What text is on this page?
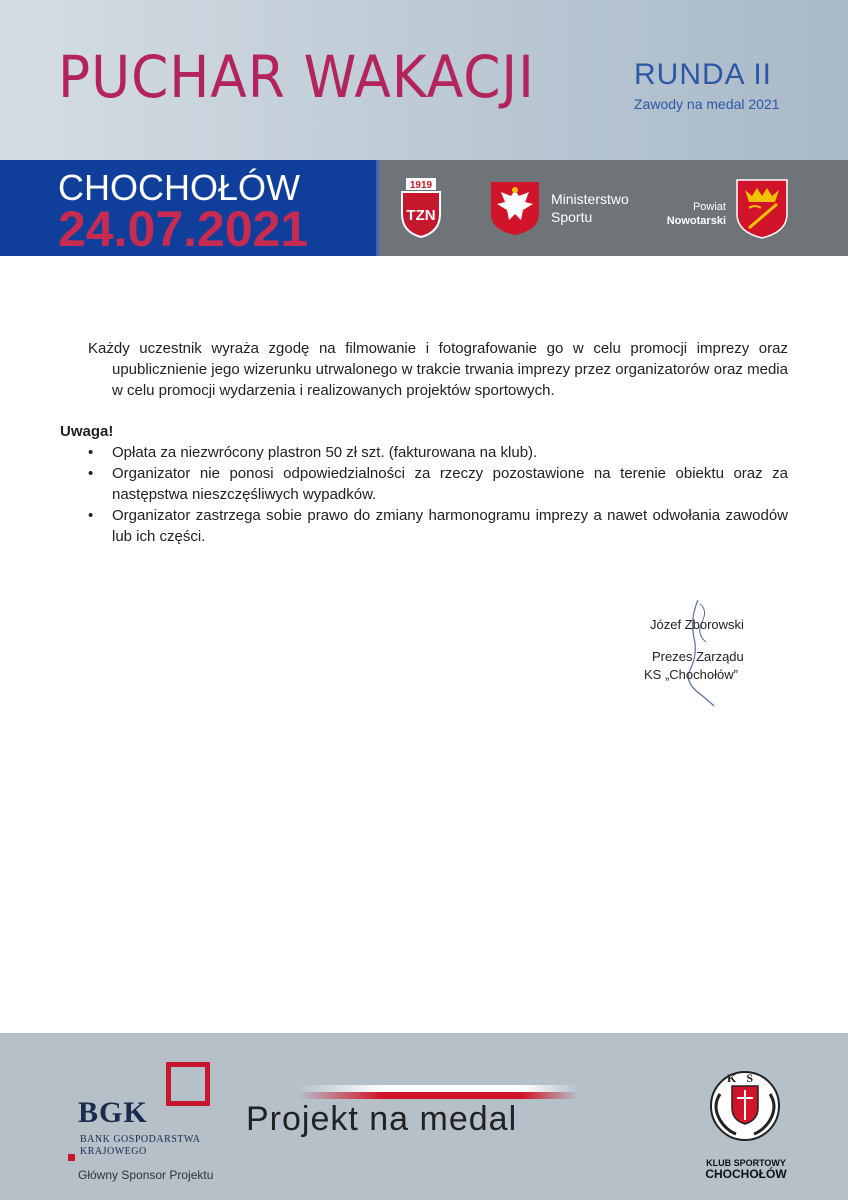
PUCHAR WAKACJI	RUNDA II
Zawody na medal 2021
CHOCHOŁÓW
24.07.2021
1919
TZN
Ministerstwo
Sportu
Powiat
Nowotarski

Każdy uczestnik wyraża zgodę na filmowanie i fotografowanie go w celu promocji imprezy oraz upublicznienie jego wizerunku utrwalonego w trakcie trwania imprezy przez organizatorów oraz media w celu promocji wydarzenia i realizowanych projektów sportowych.

Uwaga!
• Opłata za niezwrócony plastron 50 zł szt. (fakturowana na klub).
• Organizator nie ponosi odpowiedzialności za rzeczy pozostawione na terenie obiektu oraz za następstwa nieszczęśliwych wypadków.
• Organizator zastrzega sobie prawo do zmiany harmonogramu imprezy a nawet odwołania zawodów lub ich części.
Józef Zborowski
Prezes Zarządu
KS „Chochołów”
BGK
BANK GOSPODARSTWA
KRAJOWEGO
Główny Sponsor Projektu
Projekt na medal
KS
KLUB SPORTOWY
CHOCHOŁÓW
